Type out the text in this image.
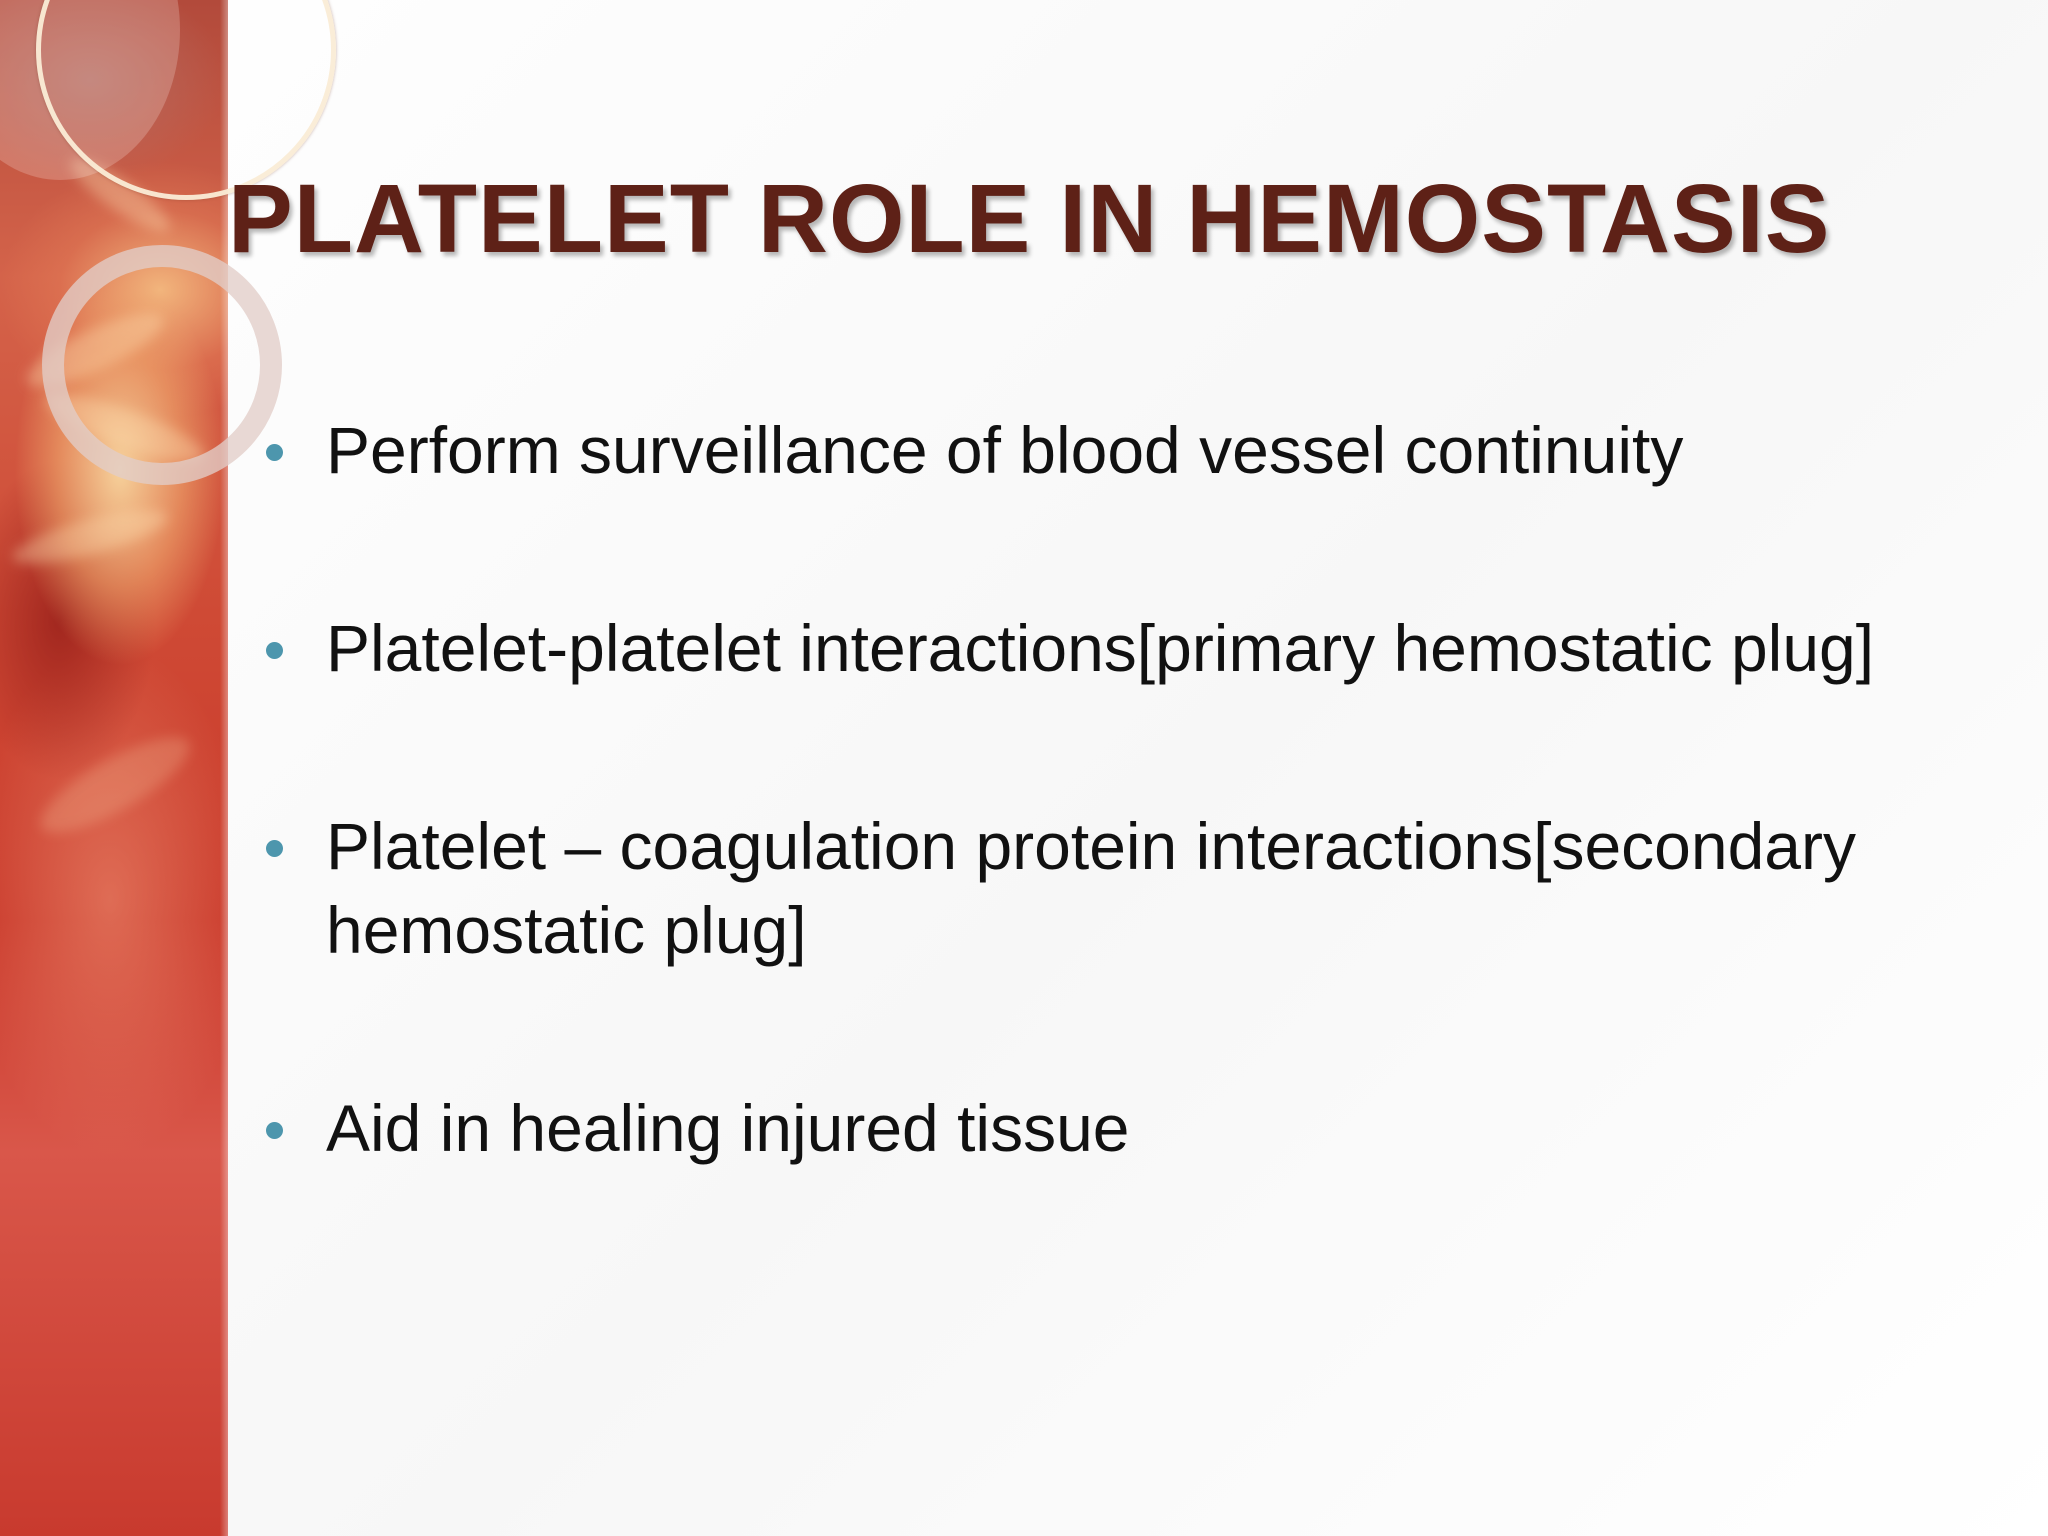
PLATELET ROLE IN HEMOSTASIS
Perform surveillance of blood vessel continuity
Platelet-platelet interactions[primary hemostatic plug]
Platelet – coagulation protein interactions[secondary hemostatic plug]
Aid in healing injured tissue
